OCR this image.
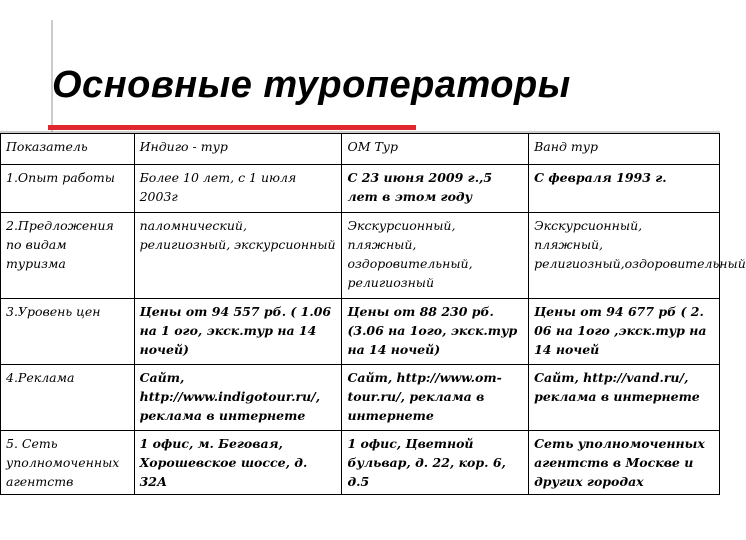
Основные туроператоры
Показатель	Индиго - тур	ОМ Тур	Ванд тур
1.Опыт работы	Более 10 лет, с 1 июля 2003г	С 23 июня 2009 г.,5 лет в этом году	С февраля 1993 г.
2.Предложения по видам туризма	паломнический, религиозный, экскурсионный	Экскурсионный, пляжный, оздоровительный, религиозный	Экскурсионный, пляжный, религиозный,оздоровительный
3.Уровень цен	Цены от 94 557 рб. ( 1.06 на 1 ого, экск.тур на 14 ночей)	Цены от 88 230 рб.(3.06 на 1ого, экск.тур на 14 ночей)	Цены от 94 677 рб ( 2. 06 на 1ого ,экск.тур на 14 ночей
4.Реклама	Сайт, http://www.indigotour.ru/, реклама в интернете	Сайт, http://www.om-tour.ru/, реклама в интернете	Сайт, http://vand.ru/, реклама в интернете
5. Сеть уполномоченных агентств	1 офис, м. Беговая, Хорошевское шоссе, д. 32А	1 офис, Цветной бульвар, д. 22, кор. 6, д.5	Сеть уполномоченных агентств в Москве и других городах
